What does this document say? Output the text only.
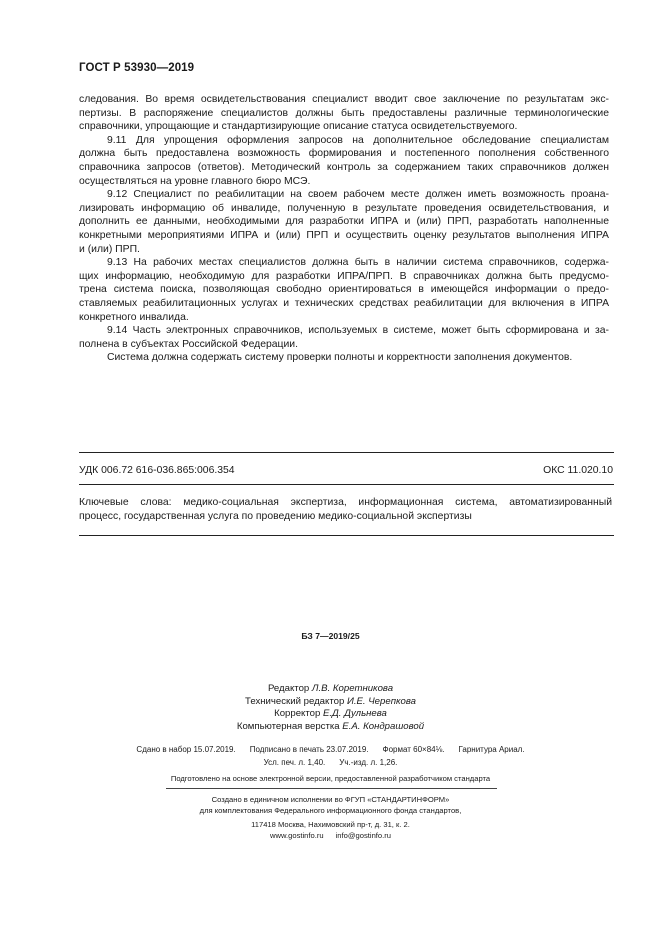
ГОСТ Р 53930—2019
следования. Во время освидетельствования специалист вводит свое заключение по результатам экс-
пертизы. В распоряжение специалистов должны быть предоставлены различные терминологические
справочники, упрощающие и стандартизирующие описание статуса освидетельствуемого.
9.11 Для упрощения оформления запросов на дополнительное обследование специалистам
должна быть предоставлена возможность формирования и постепенного пополнения собственного
справочника запросов (ответов). Методический контроль за содержанием таких справочников должен
осуществляться на уровне главного бюро МСЭ.
9.12 Специалист по реабилитации на своем рабочем месте должен иметь возможность проана-
лизировать информацию об инвалиде, полученную в результате проведения освидетельствования, и
дополнить ее данными, необходимыми для разработки ИПРА и (или) ПРП, разработать наполненные
конкретными мероприятиями ИПРА и (или) ПРП и осуществить оценку результатов выполнения ИПРА
и (или) ПРП.
9.13 На рабочих местах специалистов должна быть в наличии система справочников, содержа-
щих информацию, необходимую для разработки ИПРА/ПРП. В справочниках должна быть предусмо-
трена система поиска, позволяющая свободно ориентироваться в имеющейся информации о предо-
ставляемых реабилитационных услугах и технических средствах реабилитации для включения в ИПРА
конкретного инвалида.
9.14 Часть электронных справочников, используемых в системе, может быть сформирована и за-
полнена в субъектах Российской Федерации.
Система должна содержать систему проверки полноты и корректности заполнения документов.
УДК 006.72 616-036.865:006.354	ОКС 11.020.10
Ключевые слова: медико-социальная экспертиза, информационная система, автоматизированный
процесс, государственная услуга по проведению медико-социальной экспертизы
БЗ 7—2019/25
Редактор Л.В. Коретникова
Технический редактор И.Е. Черепкова
Корректор Е.Д. Дульнева
Компьютерная верстка Е.А. Кондрашовой
Сдано в набор 15.07.2019. Подписано в печать 23.07.2019. Формат 60×84⅛. Гарнитура Ариал.
Усл. печ. л. 1,40. Уч.-изд. л. 1,26.
Подготовлено на основе электронной версии, предоставленной разработчиком стандарта
Создано в единичном исполнении во ФГУП «СТАНДАРТИНФОРМ»
для комплектования Федерального информационного фонда стандартов,
117418 Москва, Нахимовский пр-т, д. 31, к. 2.
www.gostinfo.ru info@gostinfo.ru
